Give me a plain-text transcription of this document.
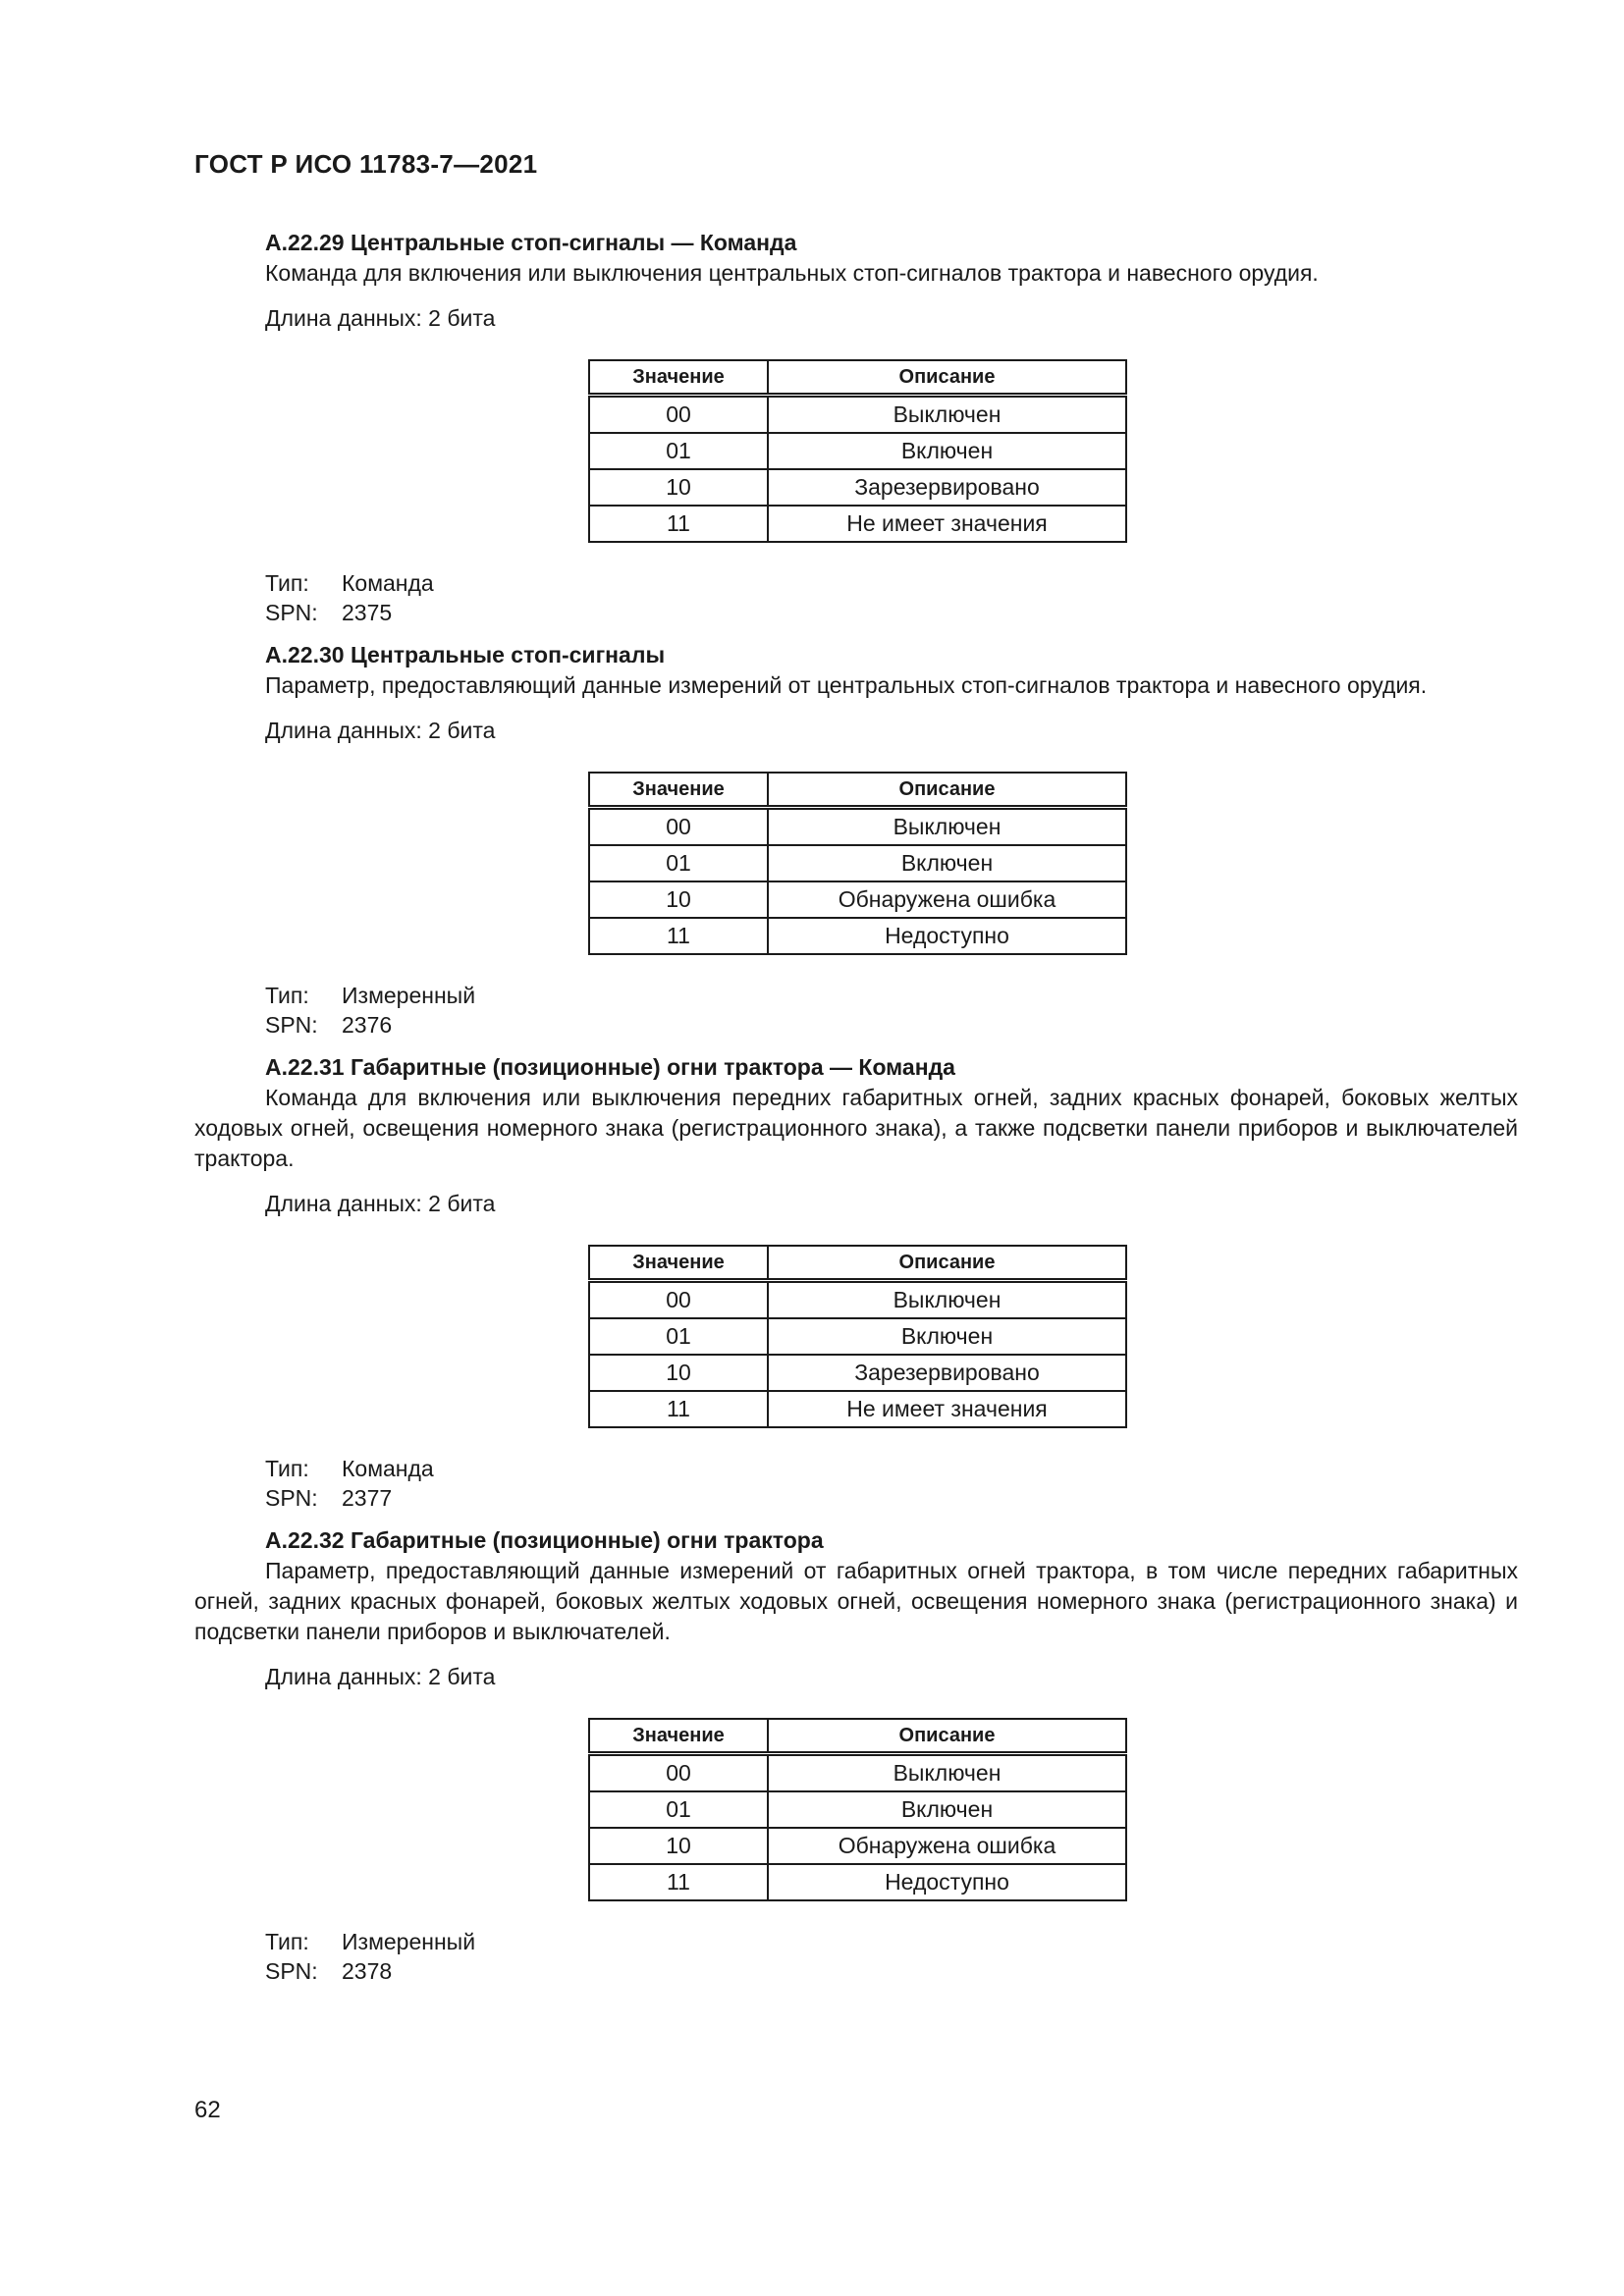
ГОСТ Р ИСО 11783-7—2021
А.22.29 Центральные стоп-сигналы — Команда
Команда для включения или выключения центральных стоп-сигналов трактора и навесного орудия.
Длина данных: 2 бита
Значение	Описание
00	Выключен
01	Включен
10	Зарезервировано
11	Не имеет значения
Тип:	Команда
SPN:	2375
А.22.30 Центральные стоп-сигналы
Параметр, предоставляющий данные измерений от центральных стоп-сигналов трактора и навесного орудия.
Длина данных: 2 бита
Значение	Описание
00	Выключен
01	Включен
10	Обнаружена ошибка
11	Недоступно
Тип:	Измеренный
SPN:	2376
А.22.31 Габаритные (позиционные) огни трактора — Команда
Команда для включения или выключения передних габаритных огней, задних красных фонарей, боковых желтых ходовых огней, освещения номерного знака (регистрационного знака), а также подсветки панели приборов и выключателей трактора.
Длина данных: 2 бита
Значение	Описание
00	Выключен
01	Включен
10	Зарезервировано
11	Не имеет значения
Тип:	Команда
SPN:	2377
А.22.32 Габаритные (позиционные) огни трактора
Параметр, предоставляющий данные измерений от габаритных огней трактора, в том числе передних габаритных огней, задних красных фонарей, боковых желтых ходовых огней, освещения номерного знака (регистрационного знака) и подсветки панели приборов и выключателей.
Длина данных: 2 бита
Значение	Описание
00	Выключен
01	Включен
10	Обнаружена ошибка
11	Недоступно
Тип:	Измеренный
SPN:	2378
62
